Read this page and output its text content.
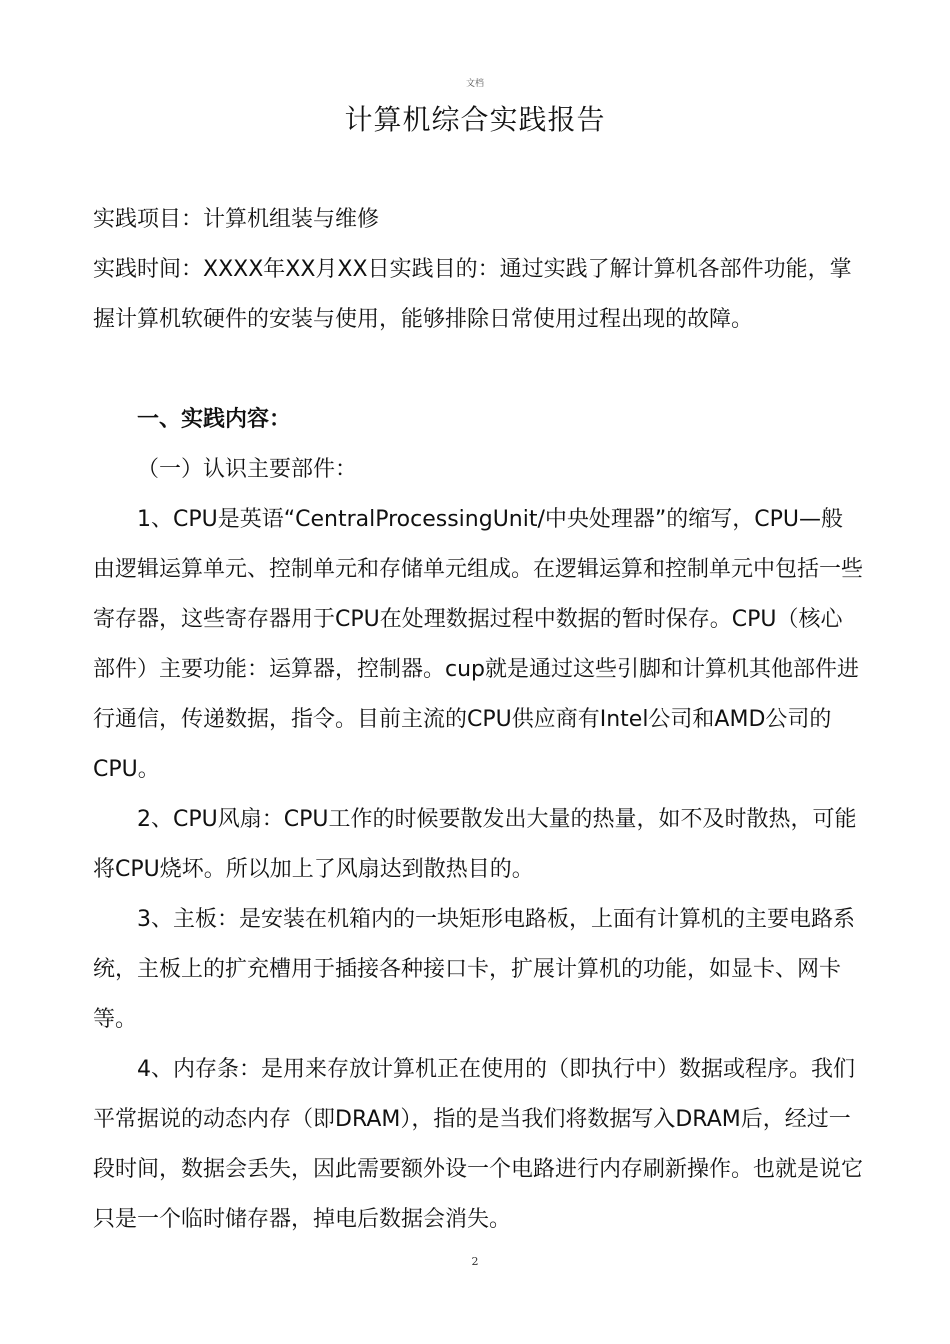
文档
计算机综合实践报告

实践项目：计算机组装与维修

实践时间：XXXX年XX月XX日实践目的：通过实践了解计算机各部件功能，掌握计算机软硬件的安装与使用，能够排除日常使用过程出现的故障。

一、实践内容：

（一）认识主要部件：

1、CPU是英语“CentralProcessingUnit/中央处理器”的缩写，CPU—般由逻辑运算单元、控制单元和存储单元组成。在逻辑运算和控制单元中包括一些寄存器，这些寄存器用于CPU在处理数据过程中数据的暂时保存。CPU（核心部件）主要功能：运算器，控制器。cup就是通过这些引脚和计算机其他部件进行通信，传递数据，指令。目前主流的CPU供应商有Intel公司和AMD公司的CPU。

2、CPU风扇：CPU工作的时候要散发出大量的热量，如不及时散热，可能将CPU烧坏。所以加上了风扇达到散热目的。

3、主板：是安装在机箱内的一块矩形电路板，上面有计算机的主要电路系统，主板上的扩充槽用于插接各种接口卡，扩展计算机的功能，如显卡、网卡等。

4、内存条：是用来存放计算机正在使用的（即执行中）数据或程序。我们平常据说的动态内存（即DRAM），指的是当我们将数据写入DRAM后，经过一段时间，数据会丢失，因此需要额外设一个电路进行内存刷新操作。也就是说它只是一个临时储存器，掉电后数据会消失。

2
